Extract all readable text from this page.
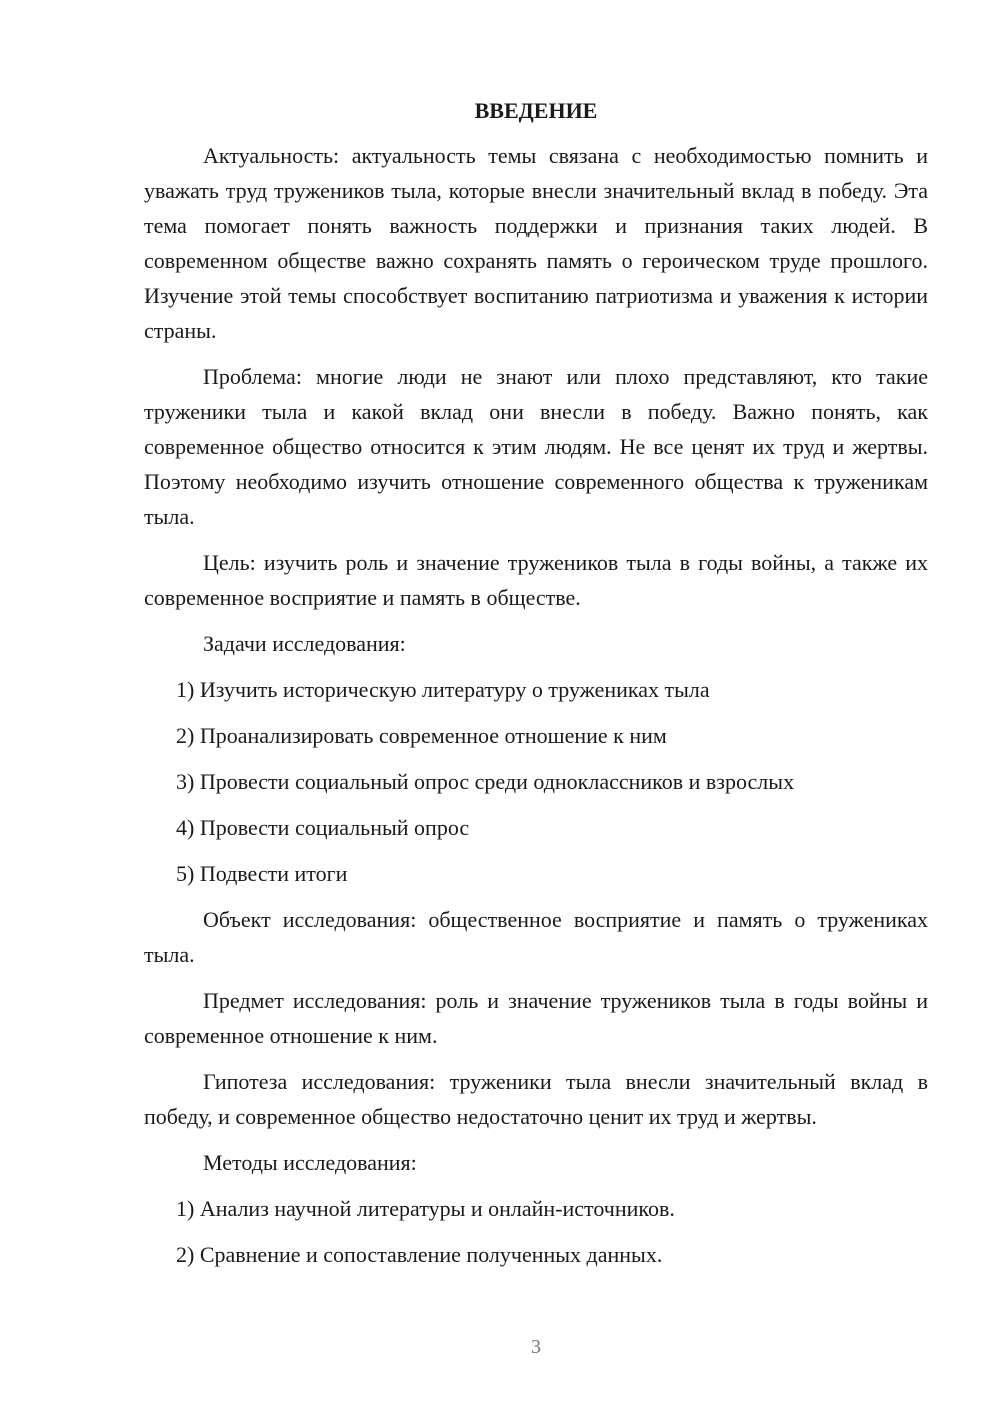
ВВЕДЕНИЕ

Актуальность: актуальность темы связана с необходимостью помнить и уважать труд тружеников тыла, которые внесли значительный вклад в победу. Эта тема помогает понять важность поддержки и признания таких людей. В современном обществе важно сохранять память о героическом труде прошлого. Изучение этой темы способствует воспитанию патриотизма и уважения к истории страны.

Проблема: многие люди не знают или плохо представляют, кто такие труженики тыла и какой вклад они внесли в победу. Важно понять, как современное общество относится к этим людям. Не все ценят их труд и жертвы. Поэтому необходимо изучить отношение современного общества к труженикам тыла.

Цель: изучить роль и значение тружеников тыла в годы войны, а также их современное восприятие и память в обществе.

Задачи исследования:

1) Изучить историческую литературу о тружениках тыла
2) Проанализировать современное отношение к ним
3) Провести социальный опрос среди одноклассников и взрослых
4) Провести социальный опрос
5) Подвести итоги

Объект исследования: общественное восприятие и память о тружениках тыла.

Предмет исследования: роль и значение тружеников тыла в годы войны и современное отношение к ним.

Гипотеза исследования: труженики тыла внесли значительный вклад в победу, и современное общество недостаточно ценит их труд и жертвы.

Методы исследования:

1) Анализ научной литературы и онлайн-источников.
2) Сравнение и сопоставление полученных данных.
3
